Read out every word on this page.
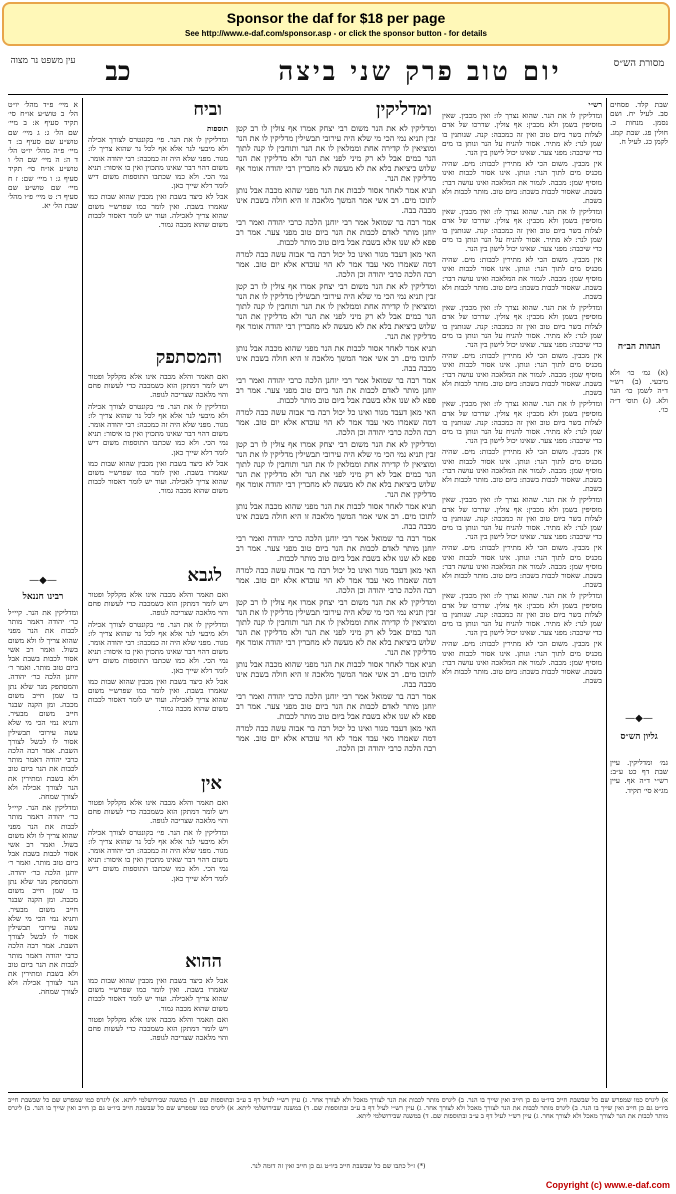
Sponsor the daf for $18 per page
See http://www.e-daf.com/sponsor.asp - or click the sponsor button - for details
מסורת הש״ס
יום טוב פרק שני ביצה
כב
עין משפט נר מצוה
שבת קלד. פסחים סב. לעיל יח. ושם נסמן. מנחות כ. חולין פג. שבת קמג. לקמן כג. לעיל ח.
הגהות הב״ח
(א) גמ׳ כו׳ ולא מיבעי. (ב) רש״י ד״ה לשמן כו׳ הנר ולא. (ג) תוס׳ ד״ה כו׳.
—◆—
גליון הש״ס
גמ׳ ומדליקין. עיין שבת דף כט ע״ב: רש״י ד״ה אף. עיין מג״א סי׳ תקיד.

רש״י

ומדליקין לו את הנר. שהוא נצרך לו: ואין מכבין. שאין מוסיפין בשמן ולא מכבין: אף צולין. שדרכו של אדם לצלות בשר ביום טוב ואין זה כמכבה: קנה. שנותנין בו שמן לנר: לא מתיר. אסור להניח על הנר ונותן בו מים כדי שיכבה: מפני צער. שאינו יכול לישון בין הנר.

אין מכבין. משום הכי לא מתירין לכבות: מים. שהיה מכניס מים לתוך הנר: ונותן. אינו אסור לכבות ואינו מוסיף שמן: מכבה. לגמור את המלאכה ואינו עושה דבר: בשבת. שאסור לכבות בשבת: ביום טוב. מותר לכבות ולא בשבת.

ומדליקין לו את הנר. שהוא נצרך לו: ואין מכבין. שאין מוסיפין בשמן ולא מכבין: אף צולין. שדרכו של אדם לצלות בשר ביום טוב ואין זה כמכבה: קנה. שנותנין בו שמן לנר: לא מתיר. אסור להניח על הנר ונותן בו מים כדי שיכבה: מפני צער. שאינו יכול לישון בין הנר.

אין מכבין. משום הכי לא מתירין לכבות: מים. שהיה מכניס מים לתוך הנר: ונותן. אינו אסור לכבות ואינו מוסיף שמן: מכבה. לגמור את המלאכה ואינו עושה דבר: בשבת. שאסור לכבות בשבת: ביום טוב. מותר לכבות ולא בשבת.

ומדליקין לו את הנר. שהוא נצרך לו: ואין מכבין. שאין מוסיפין בשמן ולא מכבין: אף צולין. שדרכו של אדם לצלות בשר ביום טוב ואין זה כמכבה: קנה. שנותנין בו שמן לנר: לא מתיר. אסור להניח על הנר ונותן בו מים כדי שיכבה: מפני צער. שאינו יכול לישון בין הנר.

אין מכבין. משום הכי לא מתירין לכבות: מים. שהיה מכניס מים לתוך הנר: ונותן. אינו אסור לכבות ואינו מוסיף שמן: מכבה. לגמור את המלאכה ואינו עושה דבר: בשבת. שאסור לכבות בשבת: ביום טוב. מותר לכבות ולא בשבת.

ומדליקין לו את הנר. שהוא נצרך לו: ואין מכבין. שאין מוסיפין בשמן ולא מכבין: אף צולין. שדרכו של אדם לצלות בשר ביום טוב ואין זה כמכבה: קנה. שנותנין בו שמן לנר: לא מתיר. אסור להניח על הנר ונותן בו מים כדי שיכבה: מפני צער. שאינו יכול לישון בין הנר.

אין מכבין. משום הכי לא מתירין לכבות: מים. שהיה מכניס מים לתוך הנר: ונותן. אינו אסור לכבות ואינו מוסיף שמן: מכבה. לגמור את המלאכה ואינו עושה דבר: בשבת. שאסור לכבות בשבת: ביום טוב. מותר לכבות ולא בשבת.

ומדליקין לו את הנר. שהוא נצרך לו: ואין מכבין. שאין מוסיפין בשמן ולא מכבין: אף צולין. שדרכו של אדם לצלות בשר ביום טוב ואין זה כמכבה: קנה. שנותנין בו שמן לנר: לא מתיר. אסור להניח על הנר ונותן בו מים כדי שיכבה: מפני צער. שאינו יכול לישון בין הנר.

אין מכבין. משום הכי לא מתירין לכבות: מים. שהיה מכניס מים לתוך הנר: ונותן. אינו אסור לכבות ואינו מוסיף שמן: מכבה. לגמור את המלאכה ואינו עושה דבר: בשבת. שאסור לכבות בשבת: ביום טוב. מותר לכבות ולא בשבת.

ומדליקין לו את הנר. שהוא נצרך לו: ואין מכבין. שאין מוסיפין בשמן ולא מכבין: אף צולין. שדרכו של אדם לצלות בשר ביום טוב ואין זה כמכבה: קנה. שנותנין בו שמן לנר: לא מתיר. אסור להניח על הנר ונותן בו מים כדי שיכבה: מפני צער. שאינו יכול לישון בין הנר.

אין מכבין. משום הכי לא מתירין לכבות: מים. שהיה מכניס מים לתוך הנר: ונותן. אינו אסור לכבות ואינו מוסיף שמן: מכבה. לגמור את המלאכה ואינו עושה דבר: בשבת. שאסור לכבות בשבת: ביום טוב. מותר לכבות ולא בשבת.

ומדליקין

ומדליקין לא את הנר משום רבי יצחק אמרו אף צולין לו רב קטן זבין תניא נמי הכי מי שלא היה עירובי תבשילין מדליקין לו את הנר ומוציאין לו קדירה אחת וממלאין לו את הנר ותוחבין לו קנה לתוך הנר במים אבל לא רק מיני לפני את הנר ולא מדליקין את הנר שלוש ביציאת בלא את לא מעשה לא מחברין רבי יהודה אומר אף מדליקין את הנר.

תניא אמר לאחר אסור לכבות את הנר מפני שהוא מכבה אבל נותן לתוכו מים. רב אשי אמר המשך מלאכה זו היא חולה בשבת אינו מכבה בבה.

אמר רבה בר שמואל אמר רבי יוחנן הלכה כרבי יהודה ואמר רבי יוחנן מותר לאדם לכבות את הנר ביום טוב מפני צער. אמר רב פפא לא שנו אלא בשבת אבל ביום טוב מותר לכבות.

האי מאן דעבד מגור ואינו כל יכול רבה בר אבוה עשה כבה למרה דמה שאמרו מאי עבד אמר לא הוי עובדא אלא יום טוב. אמר רבה הלכה כרבי יהודה וכן הלכה.

ומדליקין לא את הנר משום רבי יצחק אמרו אף צולין לו רב קטן זבין תניא נמי הכי מי שלא היה עירובי תבשילין מדליקין לו את הנר ומוציאין לו קדירה אחת וממלאין לו את הנר ותוחבין לו קנה לתוך הנר במים אבל לא רק מיני לפני את הנר ולא מדליקין את הנר שלוש ביציאת בלא את לא מעשה לא מחברין רבי יהודה אומר אף מדליקין את הנר.

תניא אמר לאחר אסור לכבות את הנר מפני שהוא מכבה אבל נותן לתוכו מים. רב אשי אמר המשך מלאכה זו היא חולה בשבת אינו מכבה בבה.

אמר רבה בר שמואל אמר רבי יוחנן הלכה כרבי יהודה ואמר רבי יוחנן מותר לאדם לכבות את הנר ביום טוב מפני צער. אמר רב פפא לא שנו אלא בשבת אבל ביום טוב מותר לכבות.

האי מאן דעבד מגור ואינו כל יכול רבה בר אבוה עשה כבה למרה דמה שאמרו מאי עבד אמר לא הוי עובדא אלא יום טוב. אמר רבה הלכה כרבי יהודה וכן הלכה.

ומדליקין לא את הנר משום רבי יצחק אמרו אף צולין לו רב קטן זבין תניא נמי הכי מי שלא היה עירובי תבשילין מדליקין לו את הנר ומוציאין לו קדירה אחת וממלאין לו את הנר ותוחבין לו קנה לתוך הנר במים אבל לא רק מיני לפני את הנר ולא מדליקין את הנר שלוש ביציאת בלא את לא מעשה לא מחברין רבי יהודה אומר אף מדליקין את הנר.

תניא אמר לאחר אסור לכבות את הנר מפני שהוא מכבה אבל נותן לתוכו מים. רב אשי אמר המשך מלאכה זו היא חולה בשבת אינו מכבה בבה.

אמר רבה בר שמואל אמר רבי יוחנן הלכה כרבי יהודה ואמר רבי יוחנן מותר לאדם לכבות את הנר ביום טוב מפני צער. אמר רב פפא לא שנו אלא בשבת אבל ביום טוב מותר לכבות.

האי מאן דעבד מגור ואינו כל יכול רבה בר אבוה עשה כבה למרה דמה שאמרו מאי עבד אמר לא הוי עובדא אלא יום טוב. אמר רבה הלכה כרבי יהודה וכן הלכה.

ומדליקין לא את הנר משום רבי יצחק אמרו אף צולין לו רב קטן זבין תניא נמי הכי מי שלא היה עירובי תבשילין מדליקין לו את הנר ומוציאין לו קדירה אחת וממלאין לו את הנר ותוחבין לו קנה לתוך הנר במים אבל לא רק מיני לפני את הנר ולא מדליקין את הנר שלוש ביציאת בלא את לא מעשה לא מחברין רבי יהודה אומר אף מדליקין את הנר.

תניא אמר לאחר אסור לכבות את הנר מפני שהוא מכבה אבל נותן לתוכו מים. רב אשי אמר המשך מלאכה זו היא חולה בשבת אינו מכבה בבה.

אמר רבה בר שמואל אמר רבי יוחנן הלכה כרבי יהודה ואמר רבי יוחנן מותר לאדם לכבות את הנר ביום טוב מפני צער. אמר רב פפא לא שנו אלא בשבת אבל ביום טוב מותר לכבות.

האי מאן דעבד מגור ואינו כל יכול רבה בר אבוה עשה כבה למרה דמה שאמרו מאי עבד אמר לא הוי עובדא אלא יום טוב. אמר רבה הלכה כרבי יהודה וכן הלכה.

וביח

תוספות

ומדליקין לו את הנר. פי׳ בקונטרס לצורך אכילה ולא מיבעי לנר אלא אף לכל נר שהוא צריך לו: מגור. מפני שלא היה זה כמכבה: רבי יהודה אומר. משום דהוי דבר שאינו מתכוין ואין בו איסור: תניא נמי הכי. ולא כמו שכתבו התוספות משום דיש לומר דלא שייך כאן.

אבל לא כיצד בשבת ואין מכבין שהוא שבות כמו שאמרו בשבת. ואין לומר כמו שפרש״י משום שהוא צריך לאכילה. ועוד יש לומר דאסור לכבות משום שהוא מכבה גמור.

והמסתפק

ואם תאמר והלא מכבה אינו אלא מקלקל ופטור ויש לומר דמתקן הוא כשמכבה כדי לעשות פחם והוי מלאכה שצריכה לגופה.

ומדליקין לו את הנר. פי׳ בקונטרס לצורך אכילה ולא מיבעי לנר אלא אף לכל נר שהוא צריך לו: מגור. מפני שלא היה זה כמכבה: רבי יהודה אומר. משום דהוי דבר שאינו מתכוין ואין בו איסור: תניא נמי הכי. ולא כמו שכתבו התוספות משום דיש לומר דלא שייך כאן.

אבל לא כיצד בשבת ואין מכבין שהוא שבות כמו שאמרו בשבת. ואין לומר כמו שפרש״י משום שהוא צריך לאכילה. ועוד יש לומר דאסור לכבות משום שהוא מכבה גמור.

לגבא

ואם תאמר והלא מכבה אינו אלא מקלקל ופטור ויש לומר דמתקן הוא כשמכבה כדי לעשות פחם והוי מלאכה שצריכה לגופה.

ומדליקין לו את הנר. פי׳ בקונטרס לצורך אכילה ולא מיבעי לנר אלא אף לכל נר שהוא צריך לו: מגור. מפני שלא היה זה כמכבה: רבי יהודה אומר. משום דהוי דבר שאינו מתכוין ואין בו איסור: תניא נמי הכי. ולא כמו שכתבו התוספות משום דיש לומר דלא שייך כאן.

אבל לא כיצד בשבת ואין מכבין שהוא שבות כמו שאמרו בשבת. ואין לומר כמו שפרש״י משום שהוא צריך לאכילה. ועוד יש לומר דאסור לכבות משום שהוא מכבה גמור.

אין

ואם תאמר והלא מכבה אינו אלא מקלקל ופטור ויש לומר דמתקן הוא כשמכבה כדי לעשות פחם והוי מלאכה שצריכה לגופה.

ומדליקין לו את הנר. פי׳ בקונטרס לצורך אכילה ולא מיבעי לנר אלא אף לכל נר שהוא צריך לו: מגור. מפני שלא היה זה כמכבה: רבי יהודה אומר. משום דהוי דבר שאינו מתכוין ואין בו איסור: תניא נמי הכי. ולא כמו שכתבו התוספות משום דיש לומר דלא שייך כאן.

ההוא

אבל לא כיצד בשבת ואין מכבין שהוא שבות כמו שאמרו בשבת. ואין לומר כמו שפרש״י משום שהוא צריך לאכילה. ועוד יש לומר דאסור לכבות משום שהוא מכבה גמור.

ואם תאמר והלא מכבה אינו אלא מקלקל ופטור ויש לומר דמתקן הוא כשמכבה כדי לעשות פחם והוי מלאכה שצריכה לגופה.

א מיי׳ פ״ד מהל׳ יו״ט הל׳ ב טוש״ע או״ח סי׳ תקיד סעיף א: ב מיי׳ שם הל׳ ג: ג מיי׳ שם טוש״ע שם סעיף ב: ד מיי׳ פ״ה מהל׳ יו״ט הל׳ ד ה: ה מיי׳ שם הל׳ ו טוש״ע או״ח סי׳ תקיד סעיף ג: ו מיי׳ שם: ז ח מיי׳ שם טוש״ע שם סעיף ד: ט מיי׳ פ״ו מהל׳ שבת הל׳ יא.
—◆—
רבינו חננאל

ומדליקין את הנר. קיי״ל כר׳ יהודה דאמר מותר לכבות את הנר מפני שהוא צריך לו ולא משום בשול. ואמר רב אשי אסור לכבות בשבת אבל ביום טוב מותר. ואמר ר׳ יוחנן הלכה כר׳ יהודה. והמסתפק מנר שלא נתן בו שמן חייב משום מכבה. ומן הקנה שבנר חייב משום מבעיר. ותניא נמי הכי מי שלא עשה עירובי תבשילין אסור לו לבשל לצורך השבת. אמר רבה הלכה כרבי יהודה דאמר מותר לכבות את הנר ביום טוב ולא בשבת ומתירין את הנר לצורך אכילה ולא לצורך שמחה.

ומדליקין את הנר. קיי״ל כר׳ יהודה דאמר מותר לכבות את הנר מפני שהוא צריך לו ולא משום בשול. ואמר רב אשי אסור לכבות בשבת אבל ביום טוב מותר. ואמר ר׳ יוחנן הלכה כר׳ יהודה. והמסתפק מנר שלא נתן בו שמן חייב משום מכבה. ומן הקנה שבנר חייב משום מבעיר. ותניא נמי הכי מי שלא עשה עירובי תבשילין אסור לו לבשל לצורך השבת. אמר רבה הלכה כרבי יהודה דאמר מותר לכבות את הנר ביום טוב ולא בשבת ומתירין את הנר לצורך אכילה ולא לצורך שמחה.

א) ליגרס כמו שמפרש שם כל שבשבת חייב ביו״ט גם כן חייב ואין שייך בו הנר. ב) ליגרס מותר לכבות את הנר לצורך מאכל ולא לצורך אחר. ג) עיין רש״י לעיל דף ב ע״ב ובתוספות שם. ד) במשנה שבירושלמי ליתא. א) ליגרס כמו שמפרש שם כל שבשבת חייב ביו״ט גם כן חייב ואין שייך בו הנר. ב) ליגרס מותר לכבות את הנר לצורך מאכל ולא לצורך אחר. ג) עיין רש״י לעיל דף ב ע״ב ובתוספות שם. ד) במשנה שבירושלמי ליתא. א) ליגרס כמו שמפרש שם כל שבשבת חייב ביו״ט גם כן חייב ואין שייך בו הנר. ב) ליגרס מותר לכבות את הנר לצורך מאכל ולא לצורך אחר. ג) עיין רש״י לעיל דף ב ע״ב ובתוספות שם. ד) במשנה שבירושלמי ליתא.
(*) ז״ל כתבו שם כל שבשבת חייב ביו״ט גם כן חייב ואין זה דומה לנר.
Copyright (c) www.e-daf.com
